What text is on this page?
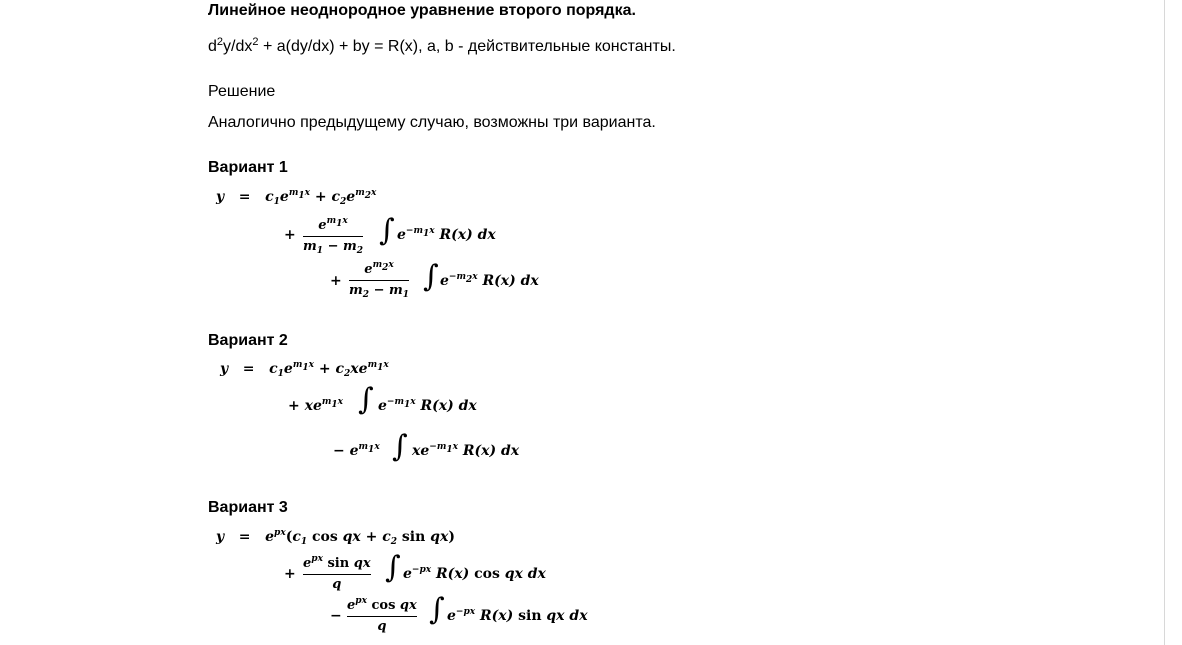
Линейное неоднородное уравнение второго порядка.
$d^2y/dx^2 + a(dy/dx)$ + by = R(x), a, b - действительные константы.
Решение
Аналогично предыдущему случаю, возможны три варианта.
Вариант 1
$y = c_1e^{m_1x} + c_2e^{m_2x}$
+ $\frac{e^{m_1x}}{m_1 - m_2}$ ∫ $e^{-m_1x}$ R(x) dx
+ $\frac{e^{m_2x}}{m_2 - m_1}$ ∫ $e^{-m_2x}$ R(x) dx
Вариант 2
$y = c_1e^{m_1x} + c_2xe^{m_1x}$
+ $xe^{m_1x}$ ∫ $e^{-m_1x}$ R(x) dx
− $e^{m_1x}$ ∫ $xe^{-m_1x}$ R(x) dx
Вариант 3
$y = e^{px}(c_1$ cos qx + $c_2$ sin qx)
+
$e^{px}$ sin qx
q	∫ $e^{-px}$ R(x) cos qx dx
−
$e^{px}$ cos qx
q	∫ $e^{-px}$ R(x) sin qx dx
